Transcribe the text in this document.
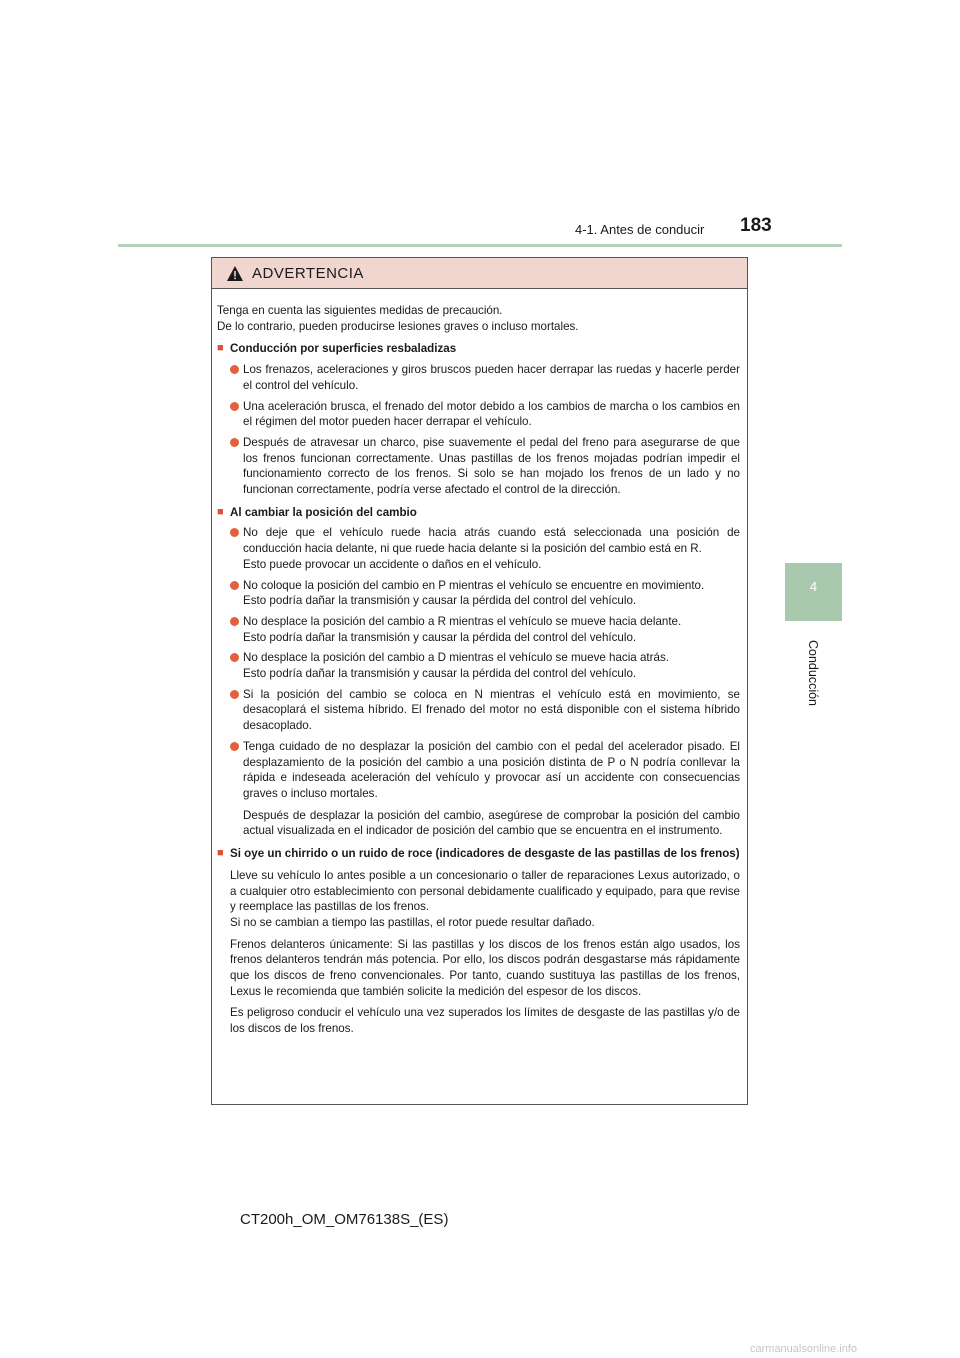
4-1. Antes de conducir 183
4
Conducción
ADVERTENCIA

Tenga en cuenta las siguientes medidas de precaución.

De lo contrario, pueden producirse lesiones graves o incluso mortales.

■ Conducción por superficies resbaladizas
Los frenazos, aceleraciones y giros bruscos pueden hacer derrapar las ruedas y hacerle perder el control del vehículo.
Una aceleración brusca, el frenado del motor debido a los cambios de marcha o los cambios en el régimen del motor pueden hacer derrapar el vehículo.
Después de atravesar un charco, pise suavemente el pedal del freno para asegurarse de que los frenos funcionan correctamente. Unas pastillas de los frenos mojadas podrían impedir el funcionamiento correcto de los frenos. Si solo se han mojado los frenos de un lado y no funcionan correctamente, podría verse afectado el control de la dirección.
■ Al cambiar la posición del cambio
No deje que el vehículo ruede hacia atrás cuando está seleccionada una posición de conducción hacia delante, ni que ruede hacia delante si la posición del cambio está en R.
Esto puede provocar un accidente o daños en el vehículo.
No coloque la posición del cambio en P mientras el vehículo se encuentre en movimiento.
Esto podría dañar la transmisión y causar la pérdida del control del vehículo.
No desplace la posición del cambio a R mientras el vehículo se mueve hacia delante.
Esto podría dañar la transmisión y causar la pérdida del control del vehículo.
No desplace la posición del cambio a D mientras el vehículo se mueve hacia atrás.
Esto podría dañar la transmisión y causar la pérdida del control del vehículo.
Si la posición del cambio se coloca en N mientras el vehículo está en movimiento, se desacoplará el sistema híbrido. El frenado del motor no está disponible con el sistema híbrido desacoplado.
Tenga cuidado de no desplazar la posición del cambio con el pedal del acelerador pisado. El desplazamiento de la posición del cambio a una posición distinta de P o N podría conllevar la rápida e indeseada aceleración del vehículo y provocar así un accidente con consecuencias graves o incluso mortales.
Después de desplazar la posición del cambio, asegúrese de comprobar la posición del cambio actual visualizada en el indicador de posición del cambio que se encuentra en el instrumento.
■ Si oye un chirrido o un ruido de roce (indicadores de desgaste de las pastillas de los frenos)
Lleve su vehículo lo antes posible a un concesionario o taller de reparaciones Lexus autorizado, o a cualquier otro establecimiento con personal debidamente cualificado y equipado, para que revise y reemplace las pastillas de los frenos.
Si no se cambian a tiempo las pastillas, el rotor puede resultar dañado.
Frenos delanteros únicamente: Si las pastillas y los discos de los frenos están algo usados, los frenos delanteros tendrán más potencia. Por ello, los discos podrán desgastarse más rápidamente que los discos de freno convencionales. Por tanto, cuando sustituya las pastillas de los frenos, Lexus le recomienda que también solicite la medición del espesor de los discos.
Es peligroso conducir el vehículo una vez superados los límites de desgaste de las pastillas y/o de los discos de los frenos.
CT200h_OM_OM76138S_(ES)
carmanualsonline.info
